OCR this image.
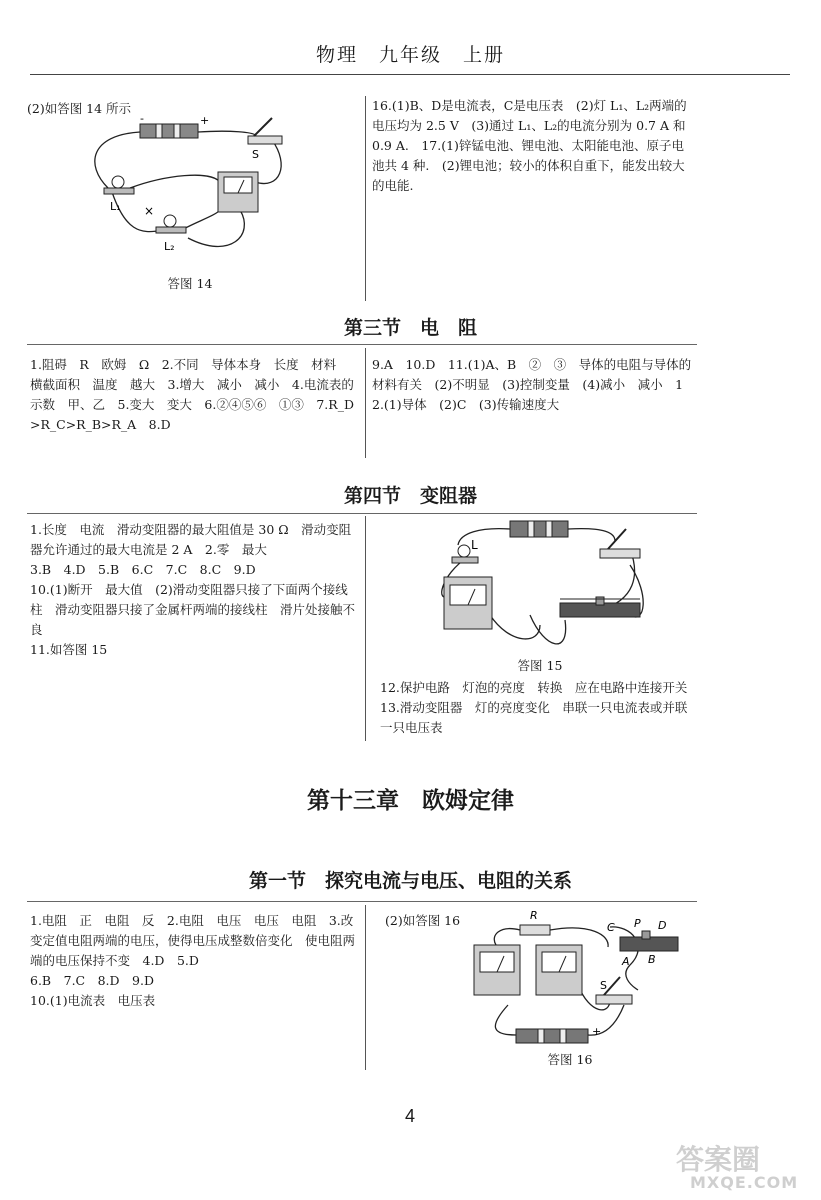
物理　九年级　上册
(2)如答图 14 所示	16.(1)B、D是电流表，C是电压表　(2)灯 L₁、L₂两端的电压均为 2.5 V　(3)通过 L₁、L₂的电流分别为 0.7 A 和 0.9 A.　17.(1)锌锰电池、锂电池、太阳能电池、原子电池共 4 种.　(2)锂电池；较小的体积自重下，能发出较大的电能.
-	+
S
L₁
L₂
×
答图 14
第三节　电　阻
1.阻碍　R　欧姆　Ω　2.不同　导体本身　长度　材料　横截面积　温度　越大　3.增大　减小　减小　4.电流表的示数　甲、乙　5.变大　变大　6.②④⑤⑥　①③　7.R_D>R_C>R_B>R_A　8.D
9.A　10.D　11.(1)A、B　②　③　导体的电阻与导体的材料有关　(2)不明显　(3)控制变量　(4)减小　减小　12.(1)导体　(2)C　(3)传输速度大
第四节　变阻器
1.长度　电流　滑动变阻器的最大阻值是 30 Ω　滑动变阻器允许通过的最大电流是 2 A　2.零　最大
3.B　4.D　5.B　6.C　7.C　8.C　9.D
10.(1)断开　最大值　(2)滑动变阻器只接了下面两个接线柱　滑动变阻器只接了金属杆两端的接线柱　滑片处接触不良
11.如答图 15
L
答图 15
12.保护电路　灯泡的亮度　转换　应在电路中连接开关　13.滑动变阻器　灯的亮度变化　串联一只电流表或并联一只电压表
第十三章　欧姆定律
第一节　探究电流与电压、电阻的关系
1.电阻　正　电阻　反　2.电阻　电压　电压　电阻　3.改变定值电阻两端的电压，使得电压成整数倍变化　使电阻两端的电压保持不变　4.D　5.D
6.B　7.C　8.D　9.D
10.(1)电流表　电压表
(2)如答图 16	R
C P D
A B
S
+
答图 16
4
答案圈
MXQE.COM
